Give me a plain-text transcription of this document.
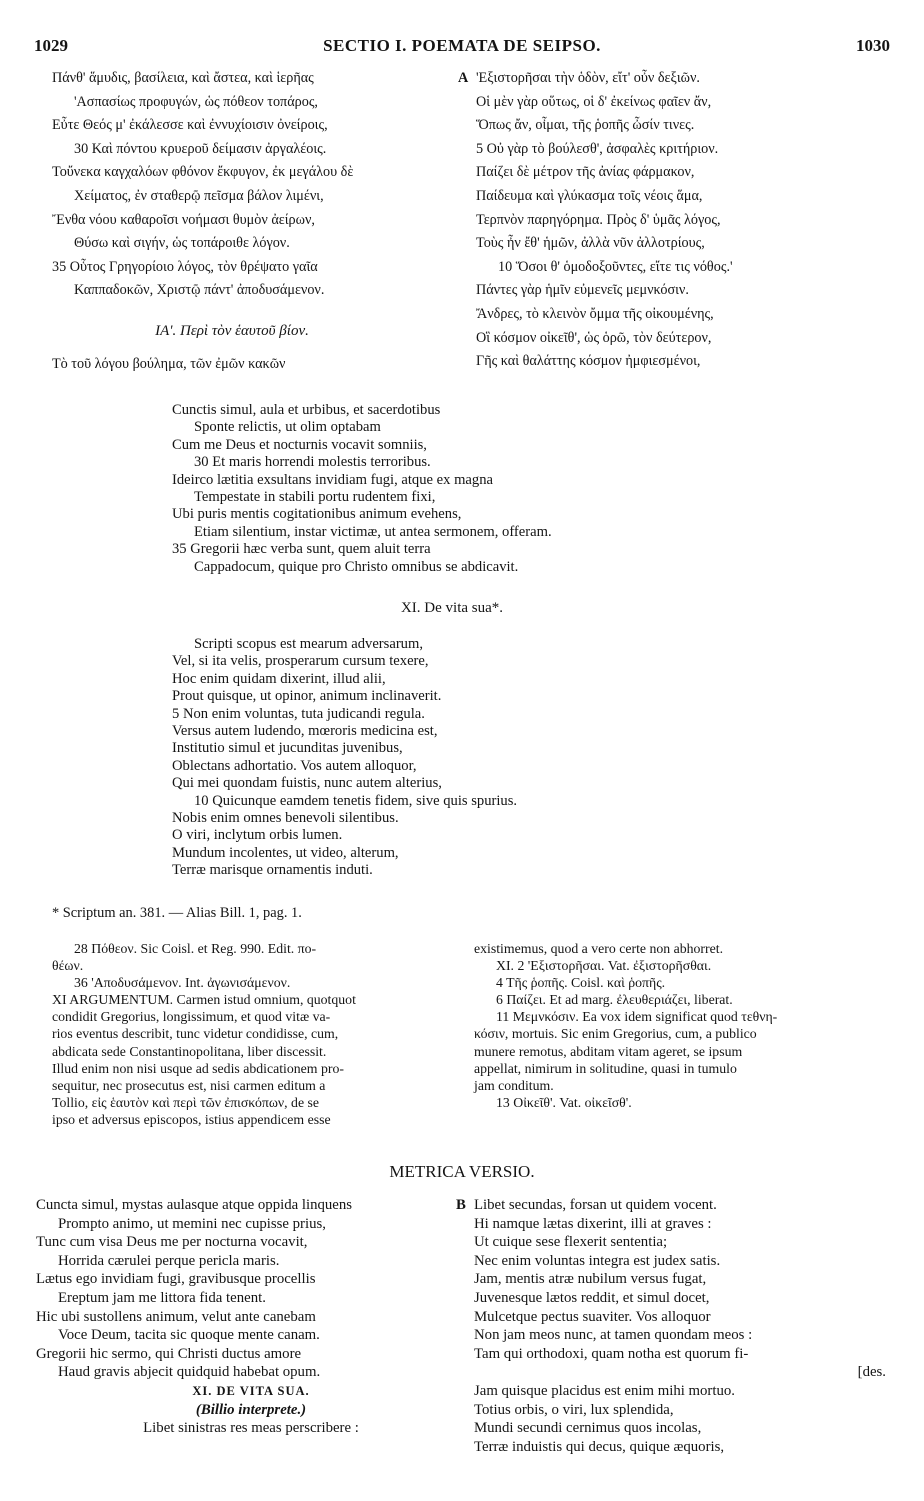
1029	SECTIO I. POEMATA DE SEIPSO.	1030
Πάνθ' ἅμυδις, βασίλεια, καὶ ἄστεα, καὶ ἱερῆας
'Ασπασίως προφυγών, ὡς πόθεον τοπάρος,
Εὖτε Θεός μ' ἐκάλεσσε καὶ ἐννυχίοισιν ὀνείροις,
30 Καὶ πόντου κρυεροῦ δείμασιν ἀργαλέοις.
Τοὔνεκα καγχαλόων φθόνον ἔκφυγον, ἐκ μεγάλου δὲ
Χείματος, ἐν σταθερῷ πεῖσμα βάλον λιμένι,
Ἔνθα νόου καθαροῖσι νοήμασι θυμὸν ἀείρων,
Θύσω καὶ σιγήν, ὡς τοπάροιθε λόγον.
35 Οὗτος Γρηγορίοιο λόγος, τὸν θρέψατο γαῖα
Καππαδοκῶν, Χριστῷ πάντ' ἀποδυσάμενον.
ΙΑ'. Περὶ τὸν ἑαυτοῦ βίον.
Τὸ τοῦ λόγου βούλημα, τῶν ἐμῶν κακῶν
A 'Εξιστορῆσαι τὴν ὁδὸν, εἴτ' οὖν δεξιῶν.
Οἱ μὲν γὰρ οὕτως, οἱ δ' ἐκείνως φαῖεν ἄν,
Ὅπως ἄν, οἶμαι, τῆς ῥοπῆς ὦσίν τινες.
5 Οὐ γὰρ τὸ βούλεσθ', ἀσφαλὲς κριτήριον.
Παίζει δὲ μέτρον τῆς ἀνίας φάρμακον,
Παίδευμα καὶ γλύκασμα τοῖς νέοις ἅμα,
Τερπνὸν παρηγόρημα. Πρὸς δ' ὑμᾶς λόγος,
Τοὺς ἦν ἔθ' ἡμῶν, ἀλλὰ νῦν ἀλλοτρίους,
10 Ὅσοι θ' ὁμοδοξοῦντες, εἴτε τις νόθος.'
Πάντες γὰρ ἡμῖν εὐμενεῖς μεμνκόσιν.
Ἄνδρες, τὸ κλεινὸν ὄμμα τῆς οἰκουμένης,
Οἳ κόσμον οἰκεῖθ', ὡς ὁρῶ, τὸν δεύτερον,
Γῆς καὶ θαλάττης κόσμον ἠμφιεσμένοι,
Cunctis simul, aula et urbibus, et sacerdotibus
Sponte relictis, ut olim optabam
Cum me Deus et nocturnis vocavit somniis,
30 Et maris horrendi molestis terroribus.
Ideirco lætitia exsultans invidiam fugi, atque ex magna
Tempestate in stabili portu rudentem fixi,
Ubi puris mentis cogitationibus animum evehens,
Etiam silentium, instar victimæ, ut antea sermonem, offeram.
35 Gregorii hæc verba sunt, quem aluit terra
Cappadocum, quique pro Christo omnibus se abdicavit.
XI. De vita sua*.
Scripti scopus est mearum adversarum,
Vel, si ita velis, prosperarum cursum texere,
Hoc enim quidam dixerint, illud alii,
Prout quisque, ut opinor, animum inclinaverit.
5 Non enim voluntas, tuta judicandi regula.
Versus autem ludendo, mœroris medicina est,
Institutio simul et jucunditas juvenibus,
Oblectans adhortatio. Vos autem alloquor,
Qui mei quondam fuistis, nunc autem alterius,
10 Quicunque eamdem tenetis fidem, sive quis spurius.
Nobis enim omnes benevoli silentibus.
O viri, inclytum orbis lumen.
Mundum incolentes, ut video, alterum,
Terræ marisque ornamentis induti.
* Scriptum an. 381. — Alias Bill. 1, pag. 1.
28 Πόθεον. Sic Coisl. et Reg. 990. Edit. πο-
θέων.
36 'Αποδυσάμενον. Int. ἀγωνισάμενον.
XI ARGUMENTUM. Carmen istud omnium, quotquot
condidit Gregorius, longissimum, et quod vitæ va-
rios eventus describit, tunc videtur condidisse, cum,
abdicata sede Constantinopolitana, liber discessit.
Illud enim non nisi usque ad sedis abdicationem pro-
sequitur, nec prosecutus est, nisi carmen editum a
Tollio, εἰς ἑαυτὸν καὶ περὶ τῶν ἐπισκόπων, de se
ipso et adversus episcopos, istius appendicem esse
existimemus, quod a vero certe non abhorret.
XI. 2 'Εξιστορῆσαι. Vat. ἐξιστορῆσθαι.
4 Τῆς ῥοπῆς. Coisl. καὶ ῥοπῆς.
6 Παίζει. Et ad marg. ἐλευθεριάζει, liberat.
11 Μεμνκόσιν. Ea vox idem significat quod τεθνη-
κόσιν, mortuis. Sic enim Gregorius, cum, a publico
munere remotus, abditam vitam ageret, se ipsum
appellat, nimirum in solitudine, quasi in tumulo
jam conditum.
13 Οἰκεῖθ'. Vat. οἰκεῖσθ'.
METRICA VERSIO.
Cuncta simul, mystas aulasque atque oppida linquens
Prompto animo, ut memini nec cupisse prius,
Tunc cum visa Deus me per nocturna vocavit,
Horrida cærulei perque pericla maris.
Lætus ego invidiam fugi, gravibusque procellis
Ereptum jam me littora fida tenent.
Hic ubi sustollens animum, velut ante canebam
Voce Deum, tacita sic quoque mente canam.
Gregorii hic sermo, qui Christi ductus amore
Haud gravis abjecit quidquid habebat opum.
XI. DE VITA SUA.
(Billio interprete.)
Libet sinistras res meas perscribere :
B Libet secundas, forsan ut quidem vocent.
Hi namque lætas dixerint, illi at graves :
Ut cuique sese flexerit sententia;
Nec enim voluntas integra est judex satis.
Jam, mentis atræ nubilum versus fugat,
Juvenesque lætos reddit, et simul docet,
Mulcetque pectus suaviter. Vos alloquor
Non jam meos nunc, at tamen quondam meos :
Tam qui orthodoxi, quam notha est quorum fi-
[des.
Jam quisque placidus est enim mihi mortuo.
Totius orbis, o viri, lux splendida,
Mundi secundi cernimus quos incolas,
Terræ induistis qui decus, quique æquoris,
